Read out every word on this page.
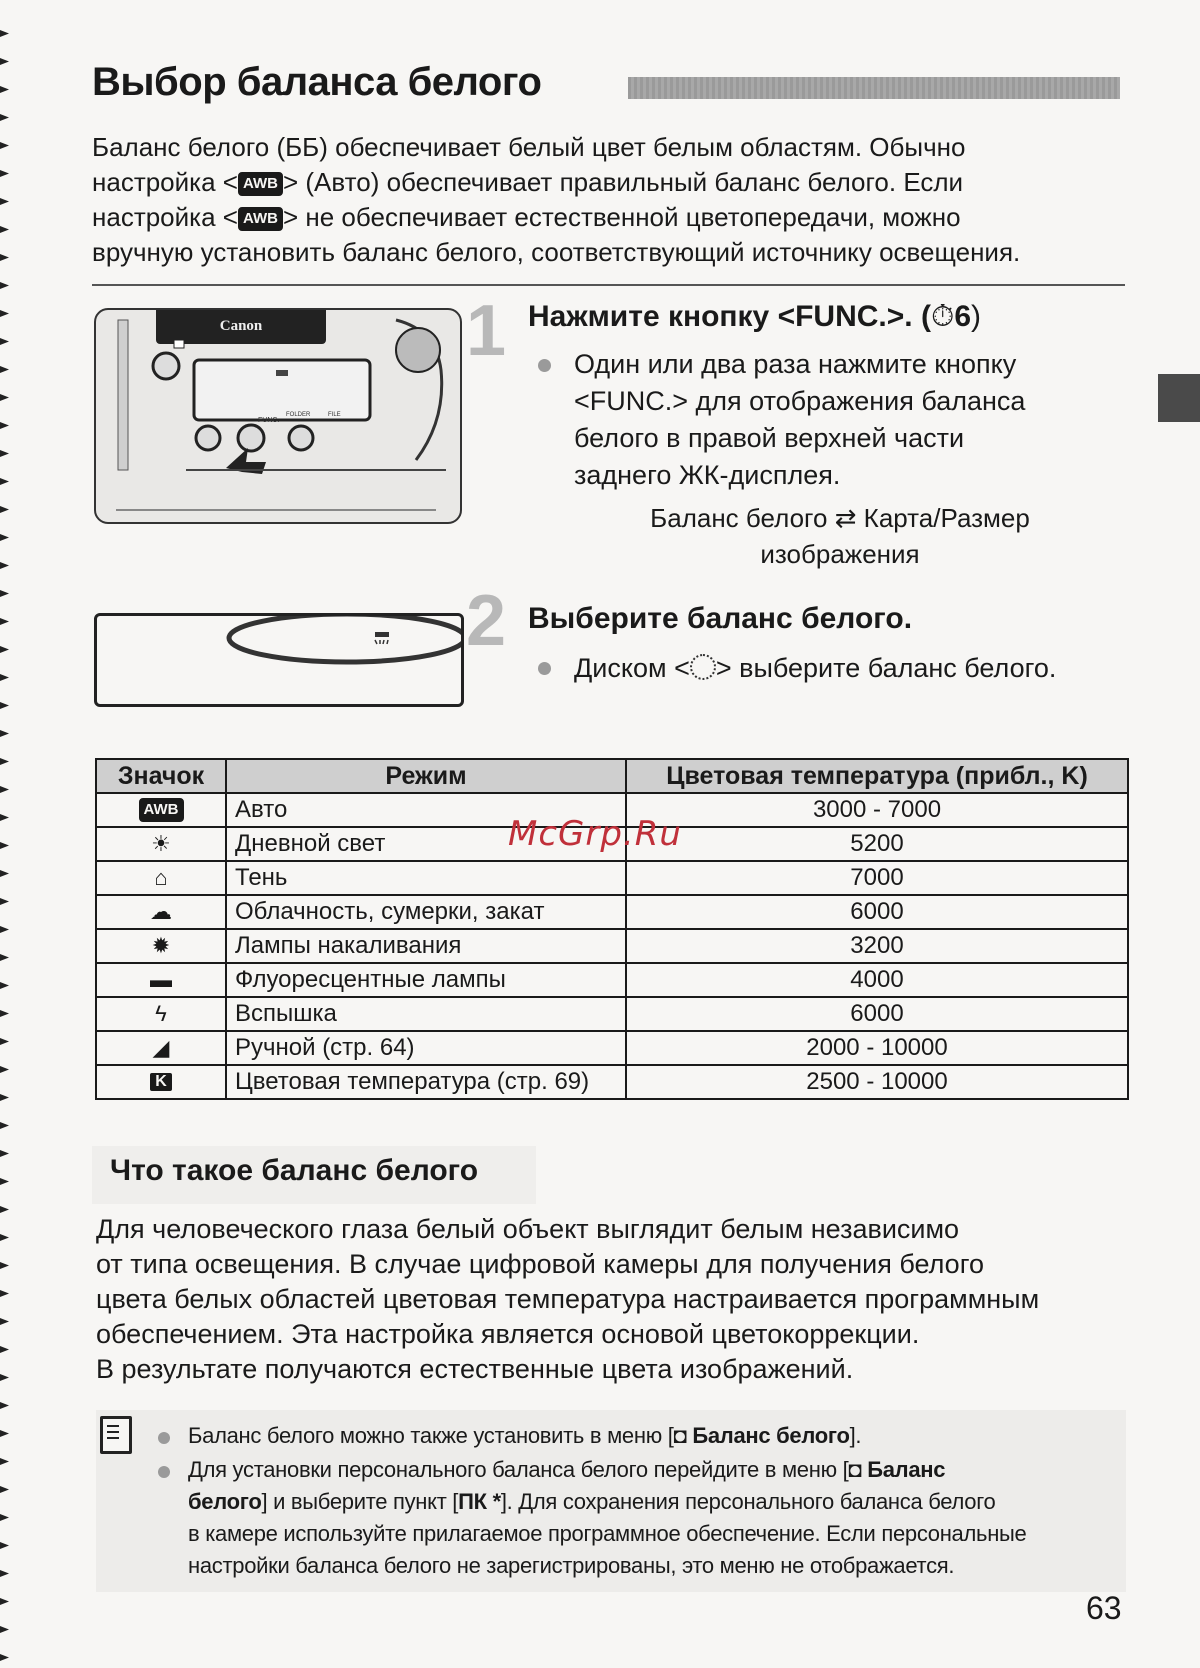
Выбор баланса белого

Баланс белого (ББ) обеспечивает белый цвет белым областям. Обычно
настройка < AWB > (Авто) обеспечивает правильный баланс белого. Если
настройка < AWB > не обеспечивает естественной цветопередачи, можно
вручную установить баланс белого, соответствующий источнику освещения.

Canon
FUNC.
FOLDER	FILE
1 Нажмите кнопку <FUNC.>. (⏱6)
Один или два раза нажмите кнопку
<FUNC.> для отображения баланса
белого в правой верхней части
заднего ЖК-дисплея.
Баланс белого ⇄ Карта/Размер
изображения
2 Выберите баланс белого.
Диском < > выберите баланс белого.
Значок	Режим	Цветовая температура (прибл., K)
AWB	Авто	3000 - 7000
☀	Дневной свет	5200
⌂	Тень	7000
☁	Облачность, сумерки, закат	6000
✹	Лампы накаливания	3200
▬	Флуоресцентные лампы	4000
ϟ	Вспышка	6000
◢	Ручной (стр. 64)	2000 - 10000
K	Цветовая температура (стр. 69)	2500 - 10000
McGrp.Ru
Что такое баланс белого

Для человеческого глаза белый объект выглядит белым независимо
от типа освещения. В случае цифровой камеры для получения белого
цвета белых областей цветовая температура настраивается программным
обеспечением. Эта настройка является основой цветокоррекции.
В результате получаются естественные цвета изображений.

Баланс белого можно также установить в меню [◘ Баланс белого].
Для установки персонального баланса белого перейдите в меню [◘ Баланс
белого] и выберите пункт [ПК *]. Для сохранения персонального баланса белого
в камере используйте прилагаемое программное обеспечение. Если персональные
настройки баланса белого не зарегистрированы, это меню не отображается.
63
